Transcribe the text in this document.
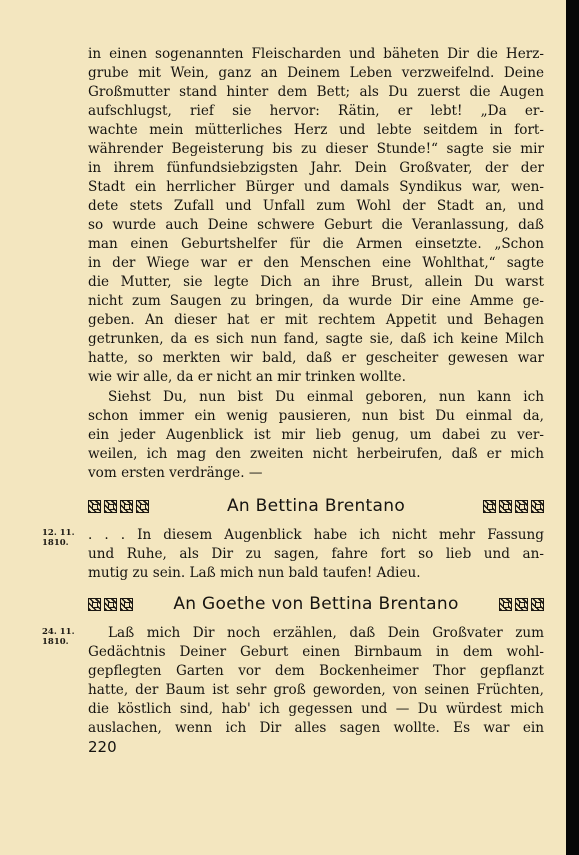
in einen sogenannten Fleischarden und bäheten Dir die Herz-
grube mit Wein, ganz an Deinem Leben verzweifelnd. Deine
Großmutter stand hinter dem Bett; als Du zuerst die Augen
aufschlugst, rief sie hervor: Rätin, er lebt! „Da er-
wachte mein mütterliches Herz und lebte seitdem in fort-
währender Begeisterung bis zu dieser Stunde!“ sagte sie mir
in ihrem fünfundsiebzigsten Jahr. Dein Großvater, der der
Stadt ein herrlicher Bürger und damals Syndikus war, wen-
dete stets Zufall und Unfall zum Wohl der Stadt an, und
so wurde auch Deine schwere Geburt die Veranlassung, daß
man einen Geburtshelfer für die Armen einsetzte. „Schon
in der Wiege war er den Menschen eine Wohlthat,“ sagte
die Mutter, sie legte Dich an ihre Brust, allein Du warst
nicht zum Saugen zu bringen, da wurde Dir eine Amme ge-
geben. An dieser hat er mit rechtem Appetit und Behagen
getrunken, da es sich nun fand, sagte sie, daß ich keine Milch
hatte, so merkten wir bald, daß er gescheiter gewesen war
wie wir alle, da er nicht an mir trinken wollte.
Siehst Du, nun bist Du einmal geboren, nun kann ich
schon immer ein wenig pausieren, nun bist Du einmal da,
ein jeder Augenblick ist mir lieb genug, um dabei zu ver-
weilen, ich mag den zweiten nicht herbeirufen, daß er mich
vom ersten verdränge. —
An Bettina Brentano
12. 11.
1810.	. . . In diesem Augenblick habe ich nicht mehr Fassung
und Ruhe, als Dir zu sagen, fahre fort so lieb und an-
mutig zu sein. Laß mich nun bald taufen! Adieu.
An Goethe von Bettina Brentano
24. 11.
1810.
Laß mich Dir noch erzählen, daß Dein Großvater zum
Gedächtnis Deiner Geburt einen Birnbaum in dem wohl-
gepflegten Garten vor dem Bockenheimer Thor gepflanzt
hatte, der Baum ist sehr groß geworden, von seinen Früchten,
die köstlich sind, hab' ich gegessen und — Du würdest mich
auslachen, wenn ich Dir alles sagen wollte. Es war ein
220
